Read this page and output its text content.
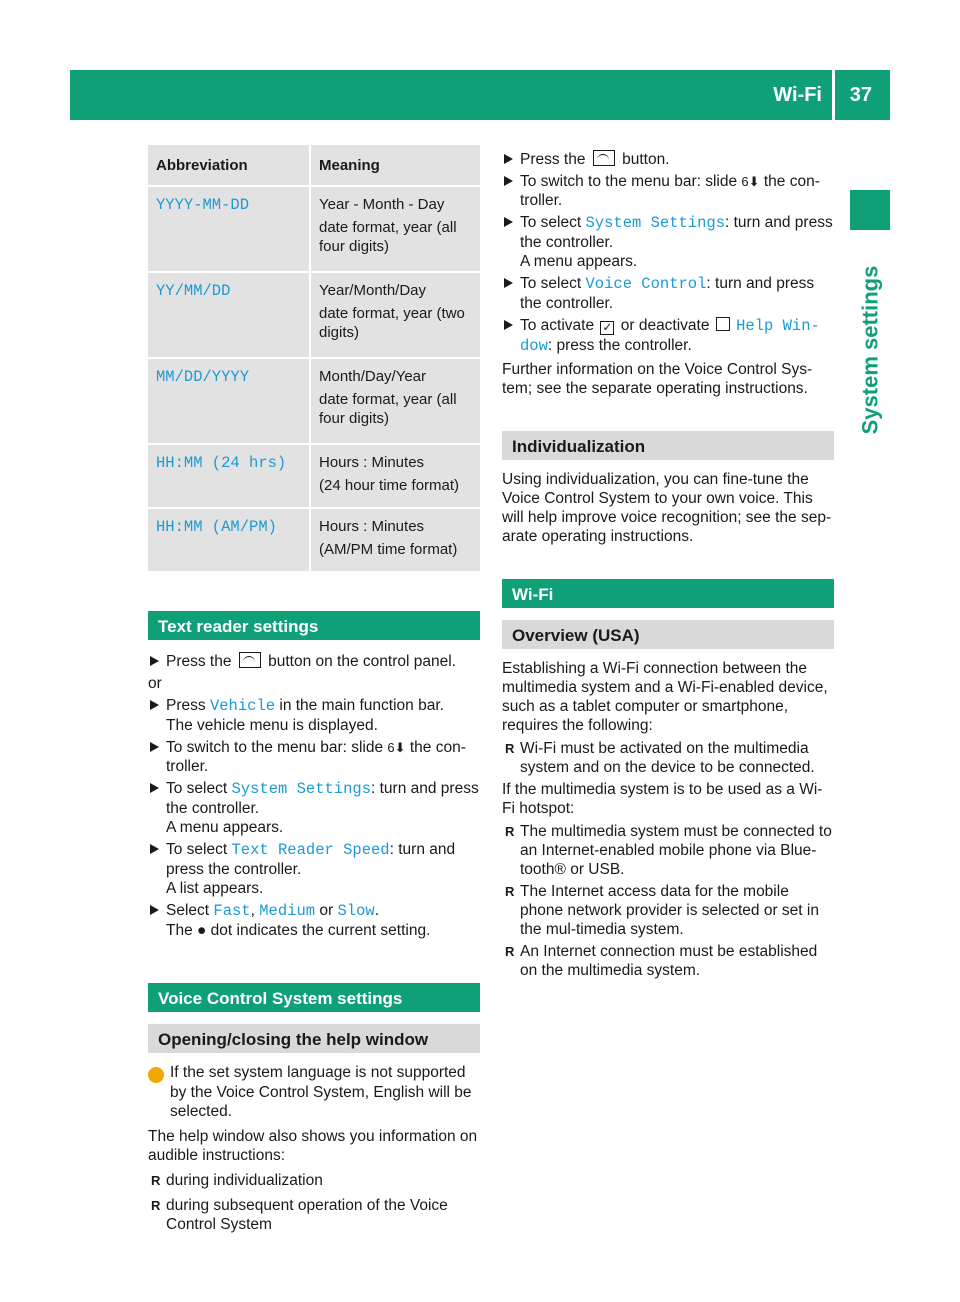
Wi-Fi 37
System settings
Abbreviation	Meaning
YYYY-MM-DD	Year - Month - Day
date format, year (all four digits)

YY/MM/DD	Year/Month/Day
date format, year (two digits)

MM/DD/YYYY	Month/Day/Year
date format, year (all four digits)

HH:MM (24 hrs)	Hours : Minutes
(24 hour time format)

HH:MM (AM/PM)	Hours : Minutes
(AM/PM time format)
Text reader settings
Press the button on the control panel.

or

Press Vehicle in the main function bar.
The vehicle menu is displayed.
To switch to the menu bar: slide 6⬇ the con-troller.
To select System Settings: turn and press the controller.
A menu appears.
To select Text Reader Speed: turn and press the controller.
A list appears.
Select Fast, Medium or Slow.
The ● dot indicates the current setting.
Voice Control System settings
Opening/closing the help window

i If the set system language is not supported by the Voice Control System, English will be selected.

The help window also shows you information on audible instructions:

R during individualization
R during subsequent operation of the Voice Control System
Press the button.
To switch to the menu bar: slide 6⬇ the con-troller.
To select System Settings: turn and press the controller.
A menu appears.
To select Voice Control: turn and press the controller.
To activate ✓ or deactivate Help Win-dow: press the controller.

Further information on the Voice Control Sys-tem; see the separate operating instructions.

Individualization

Using individualization, you can fine-tune the Voice Control System to your own voice. This will help improve voice recognition; see the sep-arate operating instructions.

Wi-Fi
Overview (USA)

Establishing a Wi-Fi connection between the multimedia system and a Wi-Fi-enabled device, such as a tablet computer or smartphone, requires the following:

R Wi-Fi must be activated on the multimedia system and on the device to be connected.

If the multimedia system is to be used as a Wi-Fi hotspot:

R The multimedia system must be connected to an Internet-enabled mobile phone via Blue-tooth® or USB.
R The Internet access data for the mobile phone network provider is selected or set in the mul-timedia system.
R An Internet connection must be established on the multimedia system.
